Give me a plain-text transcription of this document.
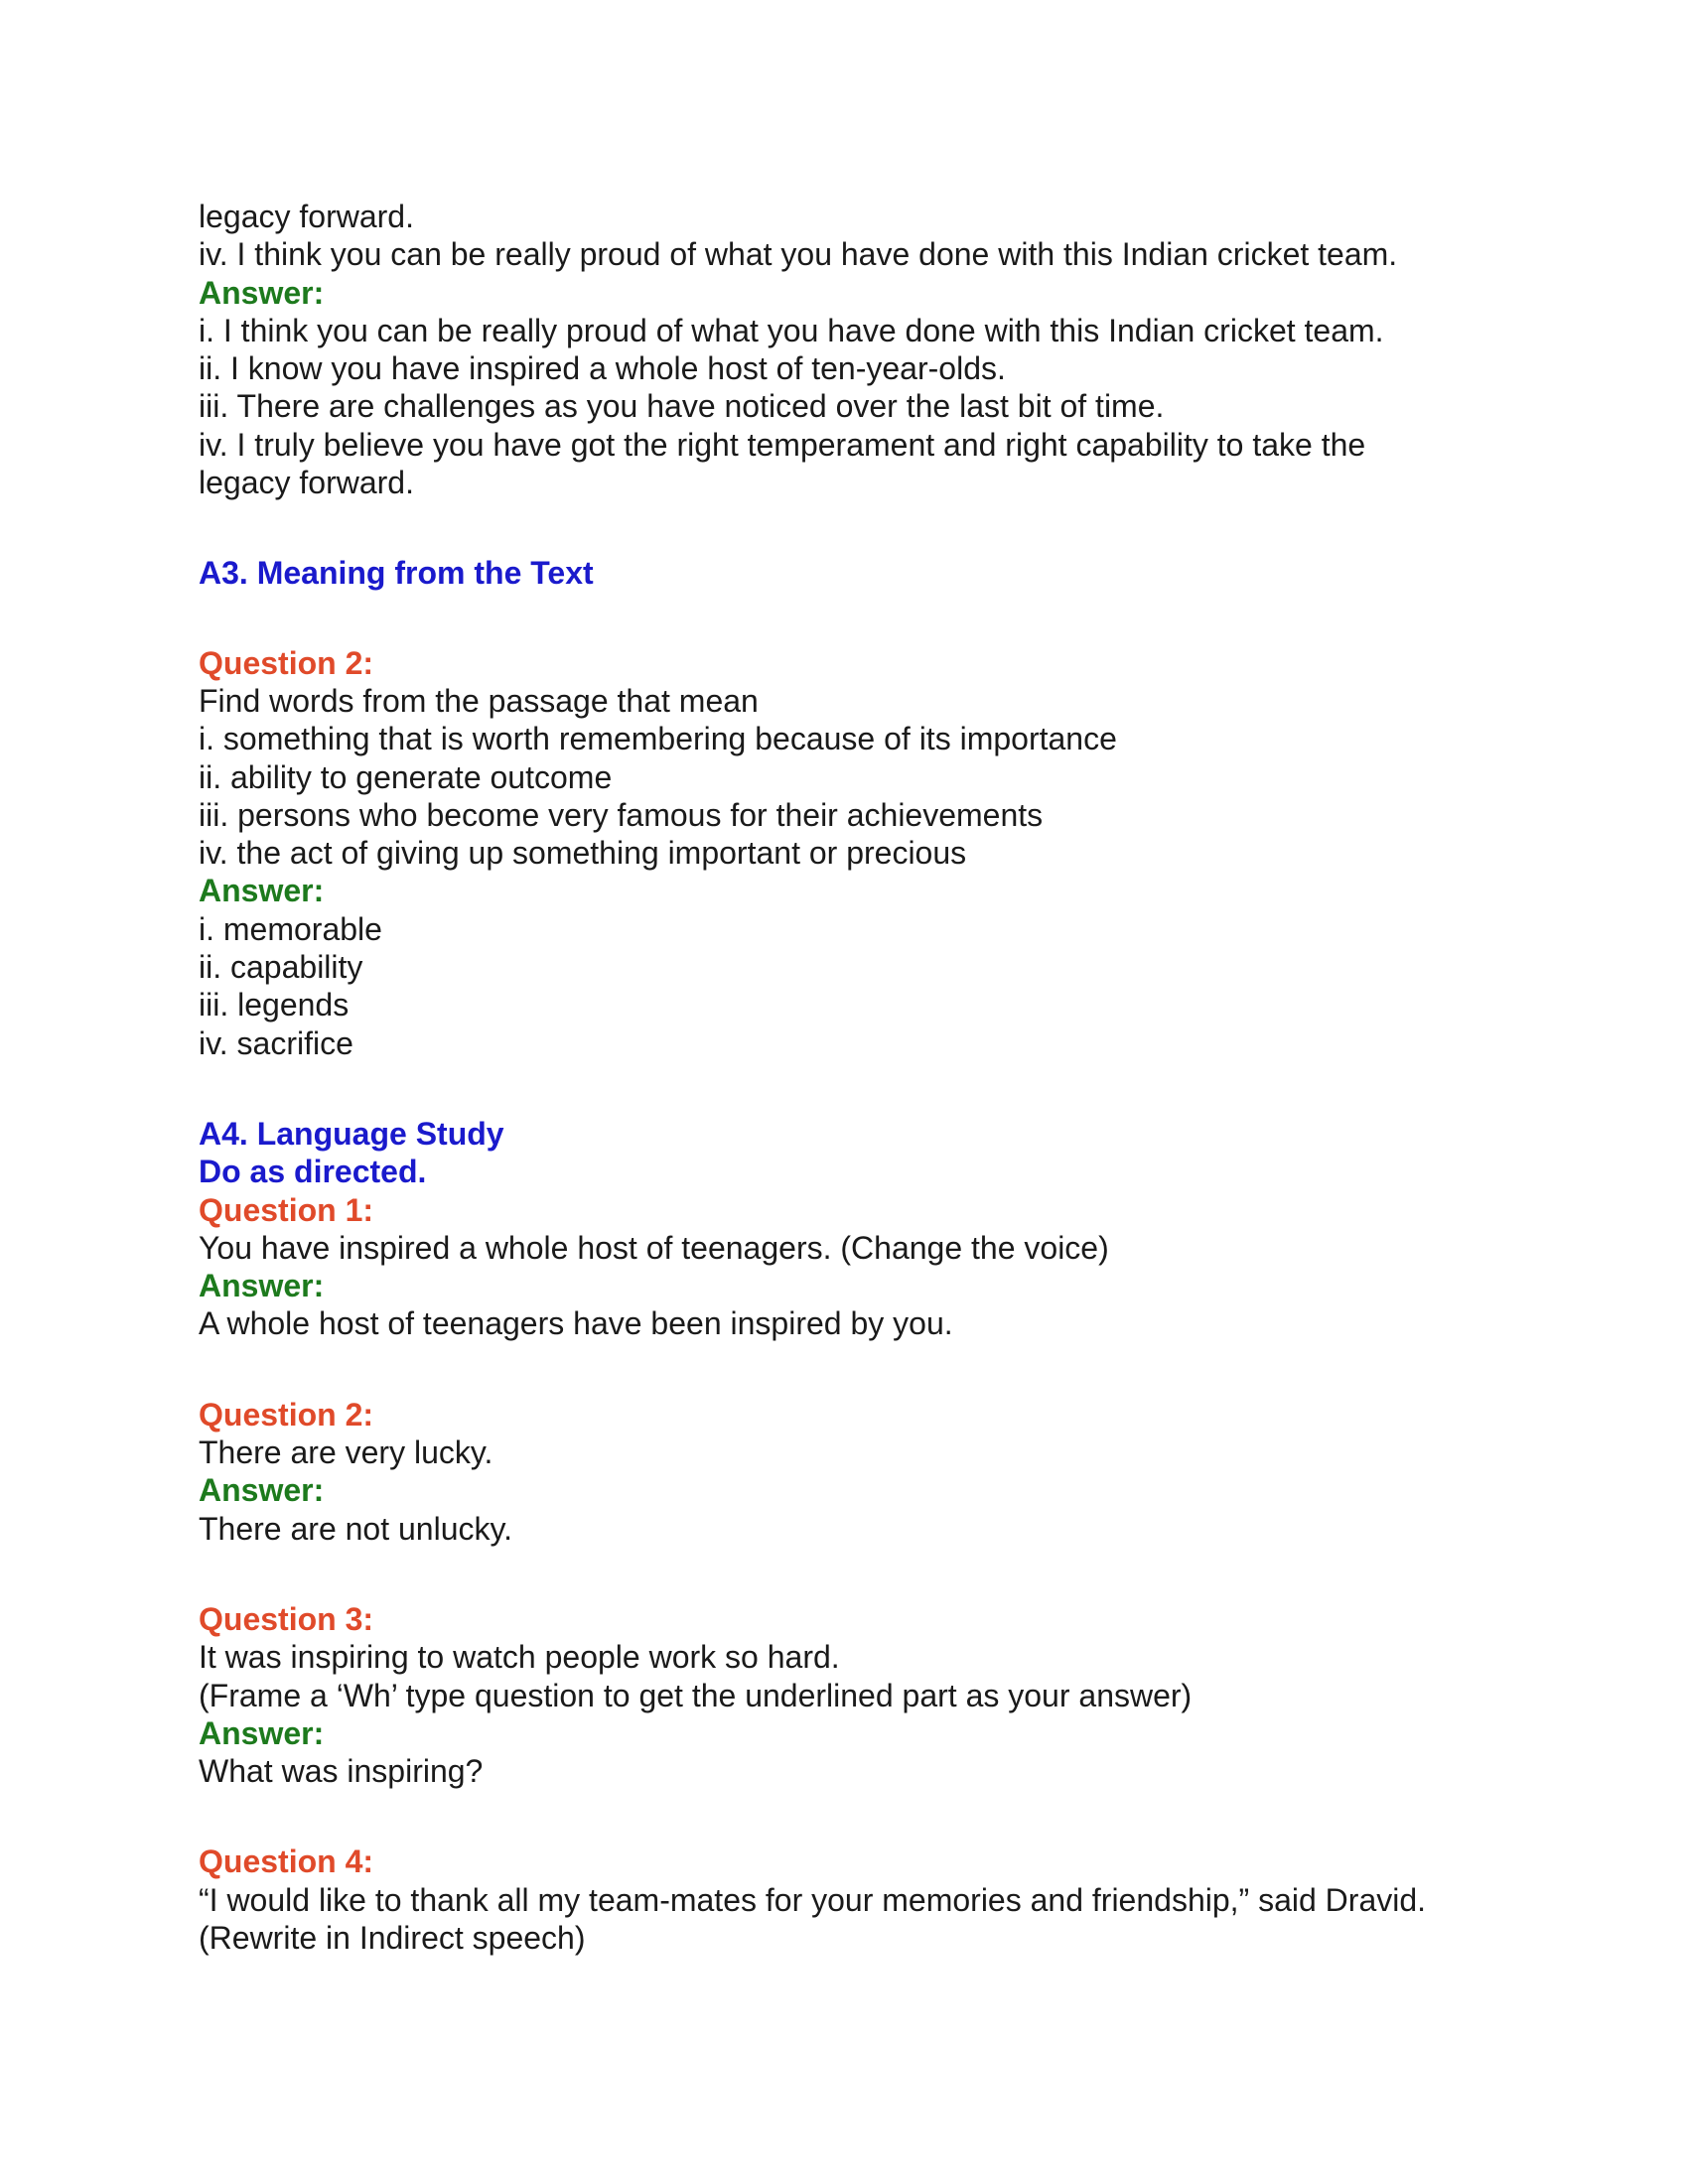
legacy forward.

iv. I think you can be really proud of what you have done with this Indian cricket team.

Answer:

i. I think you can be really proud of what you have done with this Indian cricket team.

ii. I know you have inspired a whole host of ten-year-olds.

iii. There are challenges as you have noticed over the last bit of time.

iv. I truly believe you have got the right temperament and right capability to take the

legacy forward.

A3. Meaning from the Text

Question 2:

Find words from the passage that mean

i. something that is worth remembering because of its importance

ii. ability to generate outcome

iii. persons who become very famous for their achievements

iv. the act of giving up something important or precious

Answer:

i. memorable

ii. capability

iii. legends

iv. sacrifice

A4. Language Study

Do as directed.

Question 1:

You have inspired a whole host of teenagers. (Change the voice)

Answer:

A whole host of teenagers have been inspired by you.

Question 2:

There are very lucky.

Answer:

There are not unlucky.

Question 3:

It was inspiring to watch people work so hard.

(Frame a ‘Wh’ type question to get the underlined part as your answer)

Answer:

What was inspiring?

Question 4:

“I would like to thank all my team-mates for your memories and friendship,” said Dravid.

(Rewrite in Indirect speech)
